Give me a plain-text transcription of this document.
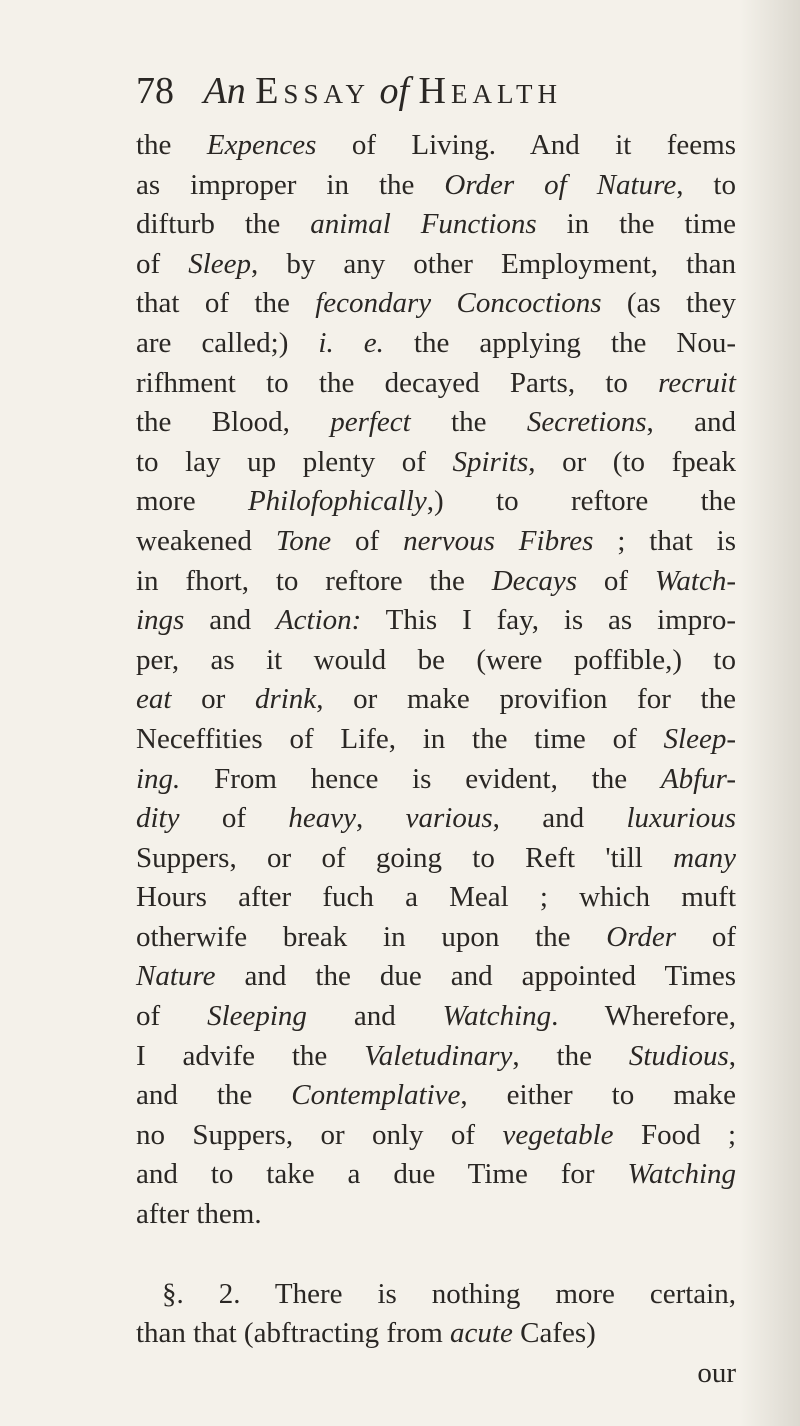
78 An Essay of Health
the Expences of Living. And it feems
as improper in the Order of Nature, to
difturb the animal Functions in the time
of Sleep, by any other Employment, than
that of the fecondary Concoctions (as they
are called;) i. e. the applying the Nou-
rifhment to the decayed Parts, to recruit
the Blood, perfect the Secretions, and
to lay up plenty of Spirits, or (to fpeak
more Philofophically,) to reftore the
weakened Tone of nervous Fibres ; that is
in fhort, to reftore the Decays of Watch-
ings and Action: This I fay, is as impro-
per, as it would be (were poffible,) to
eat or drink, or make provifion for the
Neceffities of Life, in the time of Sleep-
ing. From hence is evident, the Abfur-
dity of heavy, various, and luxurious
Suppers, or of going to Reft 'till many
Hours after fuch a Meal ; which muft
otherwife break in upon the Order of
Nature and the due and appointed Times
of Sleeping and Watching. Wherefore,
I advife the Valetudinary, the Studious,
and the Contemplative, either to make
no Suppers, or only of vegetable Food ;
and to take a due Time for Watching
after them.
§. 2. There is nothing more certain,
than that (abftracting from acute Cafes)
our
